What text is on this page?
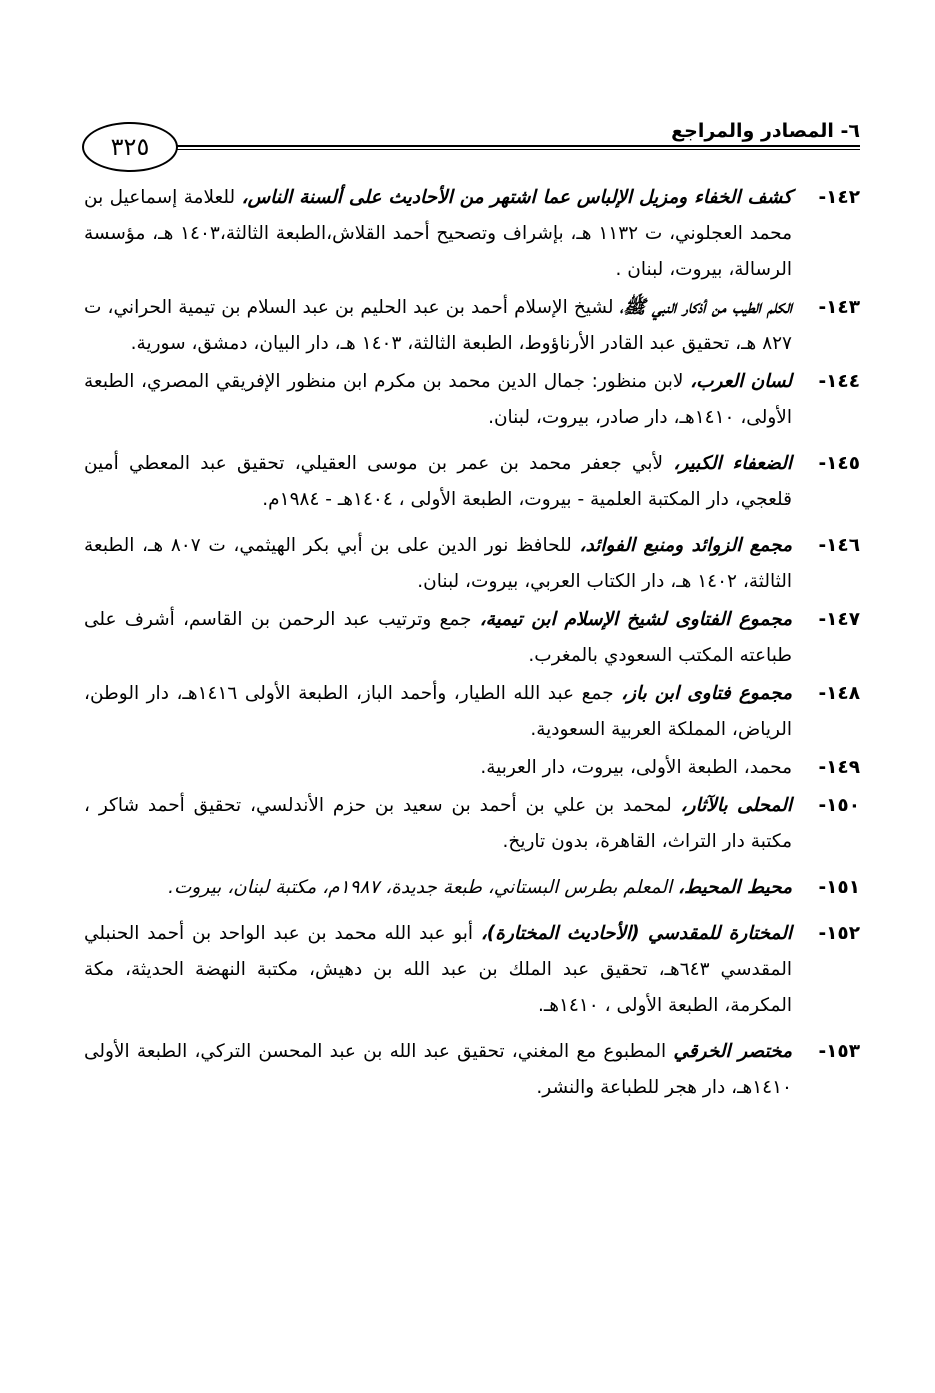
٣٢٥
٦- المصادر والمراجع
١٤٢-
كشف الخفاء ومزيل الإلباس عما اشتهر من الأحاديث على ألسنة الناس، للعلامة إسماعيل بن محمد العجلوني، ت ١١٣٢ هـ، بإشراف وتصحيح أحمد القلاش،الطبعة الثالثة،١٤٠٣ هـ، مؤسسة الرسالة، بيروت، لبنان .
١٤٣-
الكلم الطيب من أذكار النبي ﷺ، لشيخ الإسلام أحمد بن عبد الحليم بن عبد السلام بن تيمية الحراني، ت ٨٢٧ هـ، تحقيق عبد القادر الأرناؤوط، الطبعة الثالثة، ١٤٠٣ هـ، دار البيان، دمشق، سورية.
١٤٤-
لسان العرب، لابن منظور: جمال الدين محمد بن مكرم ابن منظور الإفريقي المصري، الطبعة الأولى، ١٤١٠هـ، دار صادر، بيروت، لبنان.
١٤٥-
الضعفاء الكبير، لأبي جعفر محمد بن عمر بن موسى العقيلي، تحقيق عبد المعطي أمين قلعجي، دار المكتبة العلمية - بيروت، الطبعة الأولى ، ١٤٠٤هـ - ١٩٨٤م.
١٤٦-
مجمع الزوائد ومنبع الفوائد، للحافظ نور الدين على بن أبي بكر الهيثمي، ت ٨٠٧ هـ، الطبعة الثالثة، ١٤٠٢ هـ، دار الكتاب العربي، بيروت، لبنان.
١٤٧-
مجموع الفتاوى لشيخ الإسلام ابن تيمية، جمع وترتيب عبد الرحمن بن القاسم، أشرف على طباعته المكتب السعودي بالمغرب.
١٤٨-
مجموع فتاوى ابن باز، جمع عبد الله الطيار، وأحمد الباز، الطبعة الأولى ١٤١٦هـ، دار الوطن، الرياض، المملكة العربية السعودية.
١٤٩-
محمد، الطبعة الأولى، بيروت، دار العربية.
١٥٠-
المحلى بالآثار، لمحمد بن علي بن أحمد بن سعيد بن حزم الأندلسي، تحقيق أحمد شاكر ، مكتبة دار التراث، القاهرة، بدون تاريخ.
١٥١-
محيط المحيط، المعلم بطرس البستاني، طبعة جديدة، ١٩٨٧م، مكتبة لبنان، بيروت.
١٥٢-
المختارة للمقدسي (الأحاديث المختارة)، أبو عبد الله محمد بن عبد الواحد بن أحمد الحنبلي المقدسي ٦٤٣هـ، تحقيق عبد الملك بن عبد الله بن دهيش، مكتبة النهضة الحديثة، مكة المكرمة، الطبعة الأولى ، ١٤١٠هـ.
١٥٣-
مختصر الخرقي المطبوع مع المغني، تحقيق عبد الله بن عبد المحسن التركي، الطبعة الأولى ١٤١٠هـ، دار هجر للطباعة والنشر.
